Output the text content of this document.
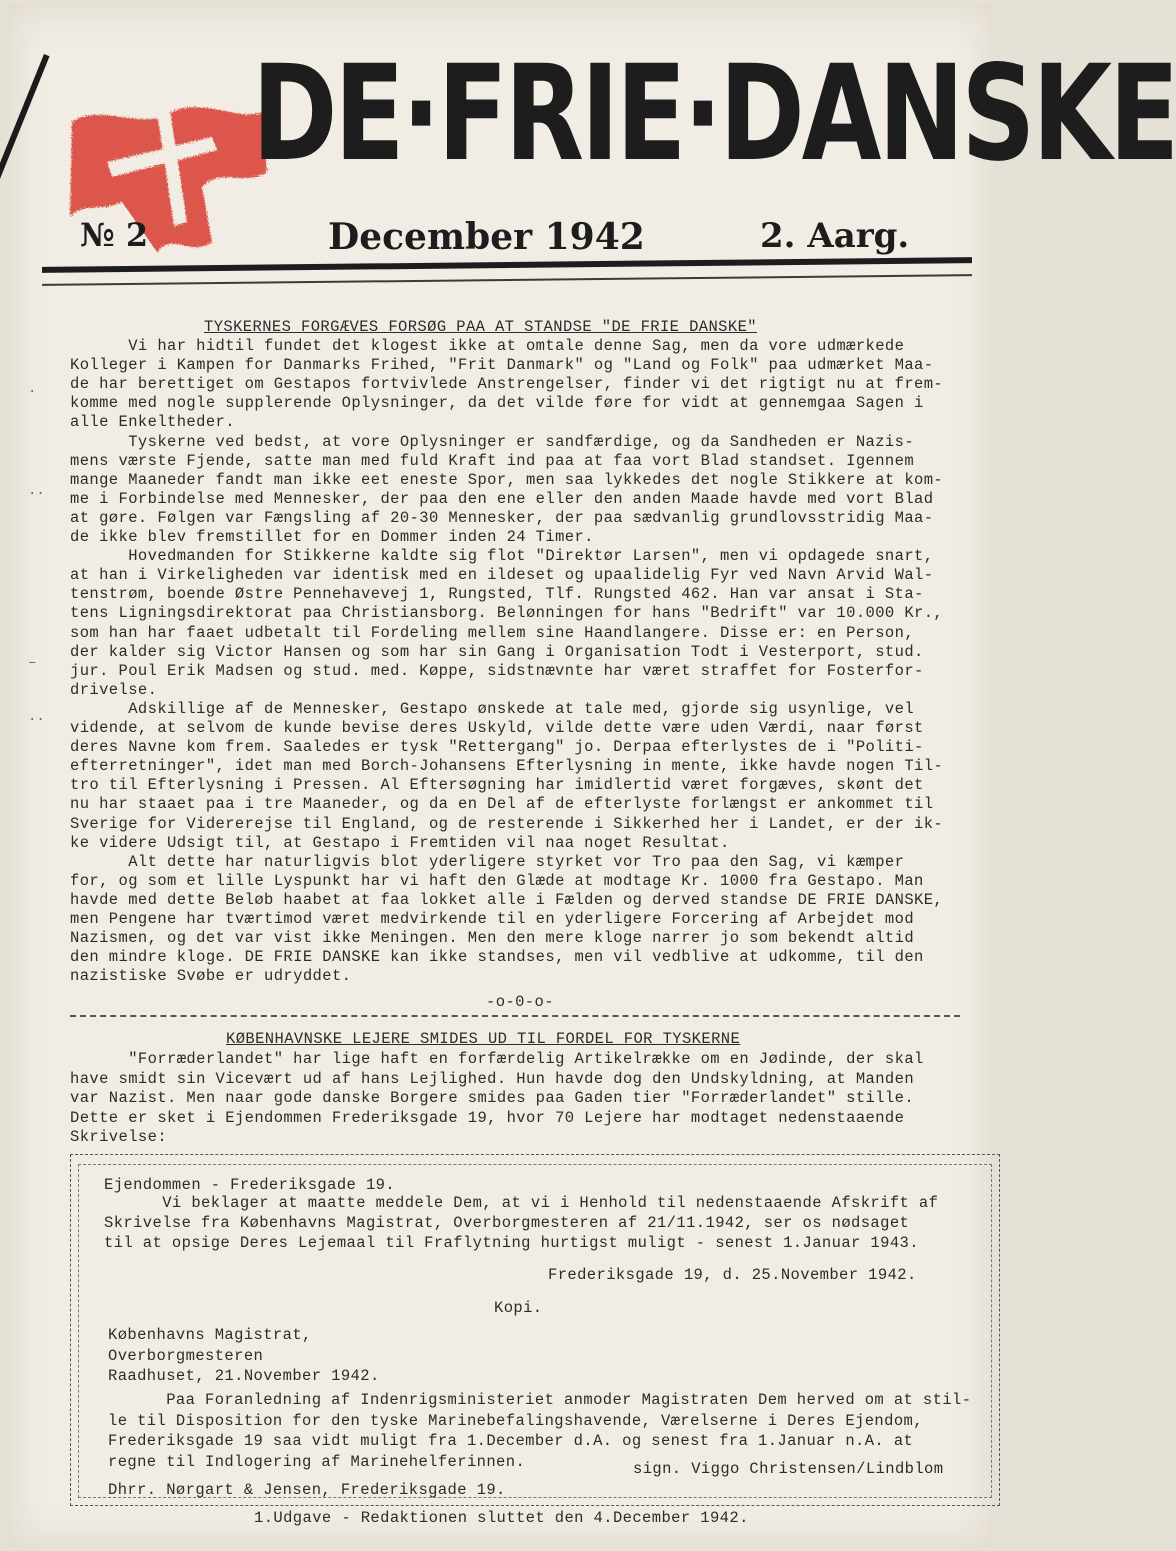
DE·FRIE·DANSKE
№ 2	December 1942	2. Aarg.
TYSKERNES FORGÆVES FORSØG PAA AT STANDSE "DE FRIE DANSKE"
Vi har hidtil fundet det klogest ikke at omtale denne Sag, men da vore udmærkede
Kolleger i Kampen for Danmarks Frihed, "Frit Danmark" og "Land og Folk" paa udmærket Maa-
de har berettiget om Gestapos fortvivlede Anstrengelser, finder vi det rigtigt nu at frem-
komme med nogle supplerende Oplysninger, da det vilde føre for vidt at gennemgaa Sagen i
alle Enkeltheder.
Tyskerne ved bedst, at vore Oplysninger er sandfærdige, og da Sandheden er Nazis-
mens værste Fjende, satte man med fuld Kraft ind paa at faa vort Blad standset. Igennem
mange Maaneder fandt man ikke eet eneste Spor, men saa lykkedes det nogle Stikkere at kom-
me i Forbindelse med Mennesker, der paa den ene eller den anden Maade havde med vort Blad
at gøre. Følgen var Fængsling af 20-30 Mennesker, der paa sædvanlig grundlovsstridig Maa-
de ikke blev fremstillet for en Dommer inden 24 Timer.
Hovedmanden for Stikkerne kaldte sig flot "Direktør Larsen", men vi opdagede snart,
at han i Virkeligheden var identisk med en ildeset og upaalidelig Fyr ved Navn Arvid Wal-
tenstrøm, boende Østre Pennehavevej 1, Rungsted, Tlf. Rungsted 462. Han var ansat i Sta-
tens Ligningsdirektorat paa Christiansborg. Belønningen for hans "Bedrift" var 10.000 Kr.,
som han har faaet udbetalt til Fordeling mellem sine Haandlangere. Disse er: en Person,
der kalder sig Victor Hansen og som har sin Gang i Organisation Todt i Vesterport, stud.
jur. Poul Erik Madsen og stud. med. Køppe, sidstnævnte har været straffet for Fosterfor-
drivelse.
Adskillige af de Mennesker, Gestapo ønskede at tale med, gjorde sig usynlige, vel
vidende, at selvom de kunde bevise deres Uskyld, vilde dette være uden Værdi, naar først
deres Navne kom frem. Saaledes er tysk "Rettergang" jo. Derpaa efterlystes de i "Politi-
efterretninger", idet man med Borch-Johansens Efterlysning in mente, ikke havde nogen Til-
tro til Efterlysning i Pressen. Al Eftersøgning har imidlertid været forgæves, skønt det
nu har staaet paa i tre Maaneder, og da en Del af de efterlyste forlængst er ankommet til
Sverige for Vidererejse til England, og de resterende i Sikkerhed her i Landet, er der ik-
ke videre Udsigt til, at Gestapo i Fremtiden vil naa noget Resultat.
Alt dette har naturligvis blot yderligere styrket vor Tro paa den Sag, vi kæmper
for, og som et lille Lyspunkt har vi haft den Glæde at modtage Kr. 1000 fra Gestapo. Man
havde med dette Beløb haabet at faa lokket alle i Fælden og derved standse DE FRIE DANSKE,
men Pengene har tværtimod været medvirkende til en yderligere Forcering af Arbejdet mod
Nazismen, og det var vist ikke Meningen. Men den mere kloge narrer jo som bekendt altid
den mindre kloge. DE FRIE DANSKE kan ikke standses, men vil vedblive at udkomme, til den
nazistiske Svøbe er udryddet.
-o-0-o-
KØBENHAVNSKE LEJERE SMIDES UD TIL FORDEL FOR TYSKERNE
"Forræderlandet" har lige haft en forfærdelig Artikelrække om en Jødinde, der skal
have smidt sin Vicevært ud af hans Lejlighed. Hun havde dog den Undskyldning, at Manden
var Nazist. Men naar gode danske Borgere smides paa Gaden tier "Forræderlandet" stille.
Dette er sket i Ejendommen Frederiksgade 19, hvor 70 Lejere har modtaget nedenstaaende
Skrivelse:
Ejendommen - Frederiksgade 19.
Vi beklager at maatte meddele Dem, at vi i Henhold til nedenstaaende Afskrift af
Skrivelse fra Københavns Magistrat, Overborgmesteren af 21/11.1942, ser os nødsaget
til at opsige Deres Lejemaal til Fraflytning hurtigst muligt - senest 1.Januar 1943.
Frederiksgade 19, d. 25.November 1942.
Kopi.
Københavns Magistrat,
Overborgmesteren
Raadhuset, 21.November 1942.
Paa Foranledning af Indenrigsministeriet anmoder Magistraten Dem herved om at stil-
le til Disposition for den tyske Marinebefalingshavende, Værelserne i Deres Ejendom,
Frederiksgade 19 saa vidt muligt fra 1.December d.A. og senest fra 1.Januar n.A. at
regne til Indlogering af Marinehelferinnen.	sign. Viggo Christensen/Lindblom
Dhrr. Nørgart & Jensen, Frederiksgade 19.
1.Udgave - Redaktionen sluttet den 4.December 1942.
·
··
–
··
